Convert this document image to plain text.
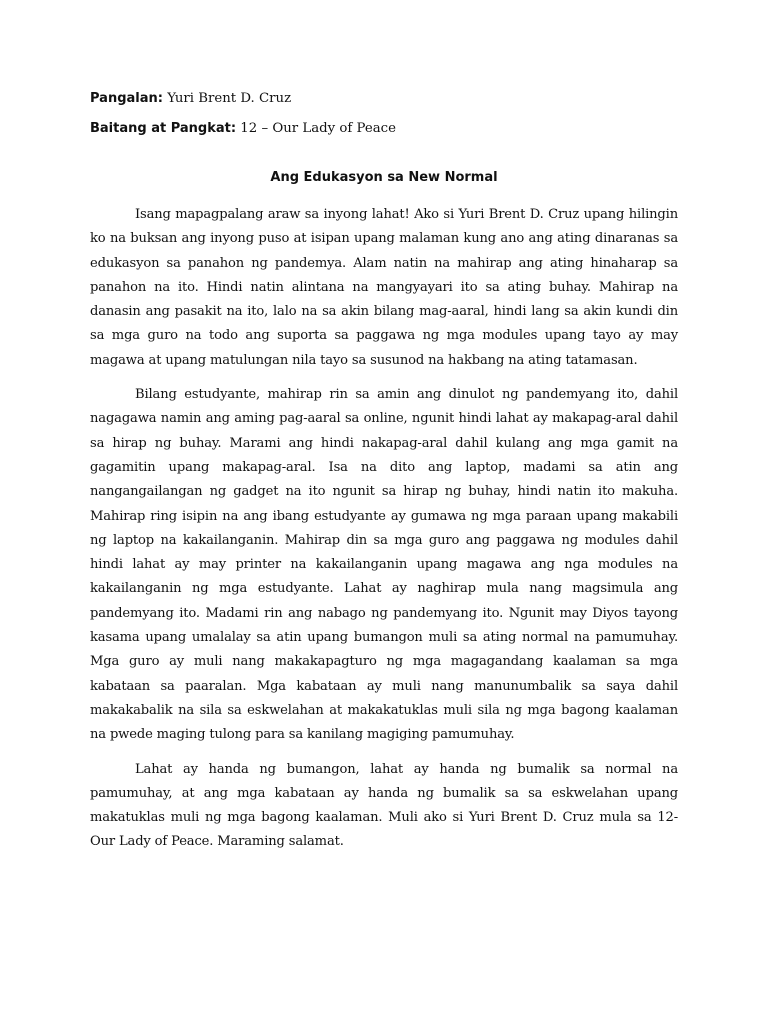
Pangalan: Yuri Brent D. Cruz
Baitang at Pangkat: 12 – Our Lady of Peace
Ang Edukasyon sa New Normal

Isang mapagpalang araw sa inyong lahat! Ako si Yuri Brent D. Cruz upang hilingin ko na buksan ang inyong puso at isipan upang malaman kung ano ang ating dinaranas sa edukasyon sa panahon ng pandemya. Alam natin na mahirap ang ating hinaharap sa panahon na ito. Hindi natin alintana na mangyayari ito sa ating buhay. Mahirap na danasin ang pasakit na ito, lalo na sa akin bilang mag-aaral, hindi lang sa akin kundi din sa mga guro na todo ang suporta sa paggawa ng mga modules upang tayo ay may magawa at upang matulungan nila tayo sa susunod na hakbang na ating tatamasan.

Bilang estudyante, mahirap rin sa amin ang dinulot ng pandemyang ito, dahil nagagawa namin ang aming pag-aaral sa online, ngunit hindi lahat ay makapag-aral dahil sa hirap ng buhay. Marami ang hindi nakapag-aral dahil kulang ang mga gamit na gagamitin upang makapag-aral. Isa na dito ang laptop, madami sa atin ang nangangailangan ng gadget na ito ngunit sa hirap ng buhay, hindi natin ito makuha. Mahirap ring isipin na ang ibang estudyante ay gumawa ng mga paraan upang makabili ng laptop na kakailanganin. Mahirap din sa mga guro ang paggawa ng modules dahil hindi lahat ay may printer na kakailanganin upang magawa ang nga modules na kakailanganin ng mga estudyante. Lahat ay naghirap mula nang magsimula ang pandemyang ito. Madami rin ang nabago ng pandemyang ito. Ngunit may Diyos tayong kasama upang umalalay sa atin upang bumangon muli sa ating normal na pamumuhay. Mga guro ay muli nang makakapagturo ng mga magagandang kaalaman sa mga kabataan sa paaralan. Mga kabataan ay muli nang manunumbalik sa saya dahil makakabalik na sila sa eskwelahan at makakatuklas muli sila ng mga bagong kaalaman na pwede maging tulong para sa kanilang magiging pamumuhay.

Lahat ay handa ng bumangon, lahat ay handa ng bumalik sa normal na pamumuhay, at ang mga kabataan ay handa ng bumalik sa sa eskwelahan upang makatuklas muli ng mga bagong kaalaman. Muli ako si Yuri Brent D. Cruz mula sa 12- Our Lady of Peace. Maraming salamat.
